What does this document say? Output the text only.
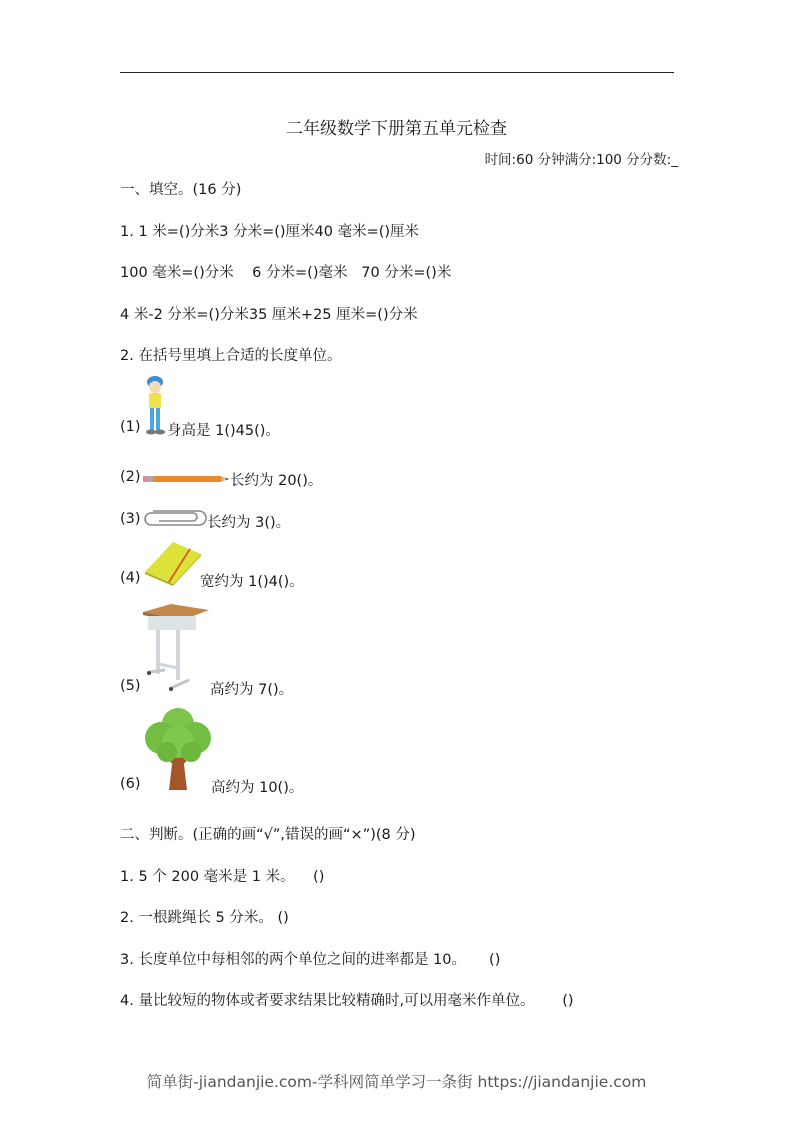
二年级数学下册第五单元检查
时间:60 分钟满分:100 分分数:_
一、填空。(16 分)
1. 1 米=()分米3 分米=()厘米40 毫米=()厘米
100 毫米=()分米    6 分米=()毫米   70 分米=()米
4 米-2 分米=()分米35 厘米+25 厘米=()分米
2. 在括号里填上合适的长度单位。
(1) 身高是 1()45()。
(2)	长约为 20()。
(3)	长约为 3()。
(4)	宽约为 1()4()。
(5)	高约为 7()。
(6)	高约为 10()。
二、判断。(正确的画“√”,错误的画“×”)(8 分)
1. 5 个 200 毫米是 1 米。    ()
2. 一根跳绳长 5 分米。 ()
3. 长度单位中每相邻的两个单位之间的进率都是 10。     ()
4. 量比较短的物体或者要求结果比较精确时,可以用毫米作单位。      ()
简单街-jiandanjie.com-学科网简单学习一条街 https://jiandanjie.com
